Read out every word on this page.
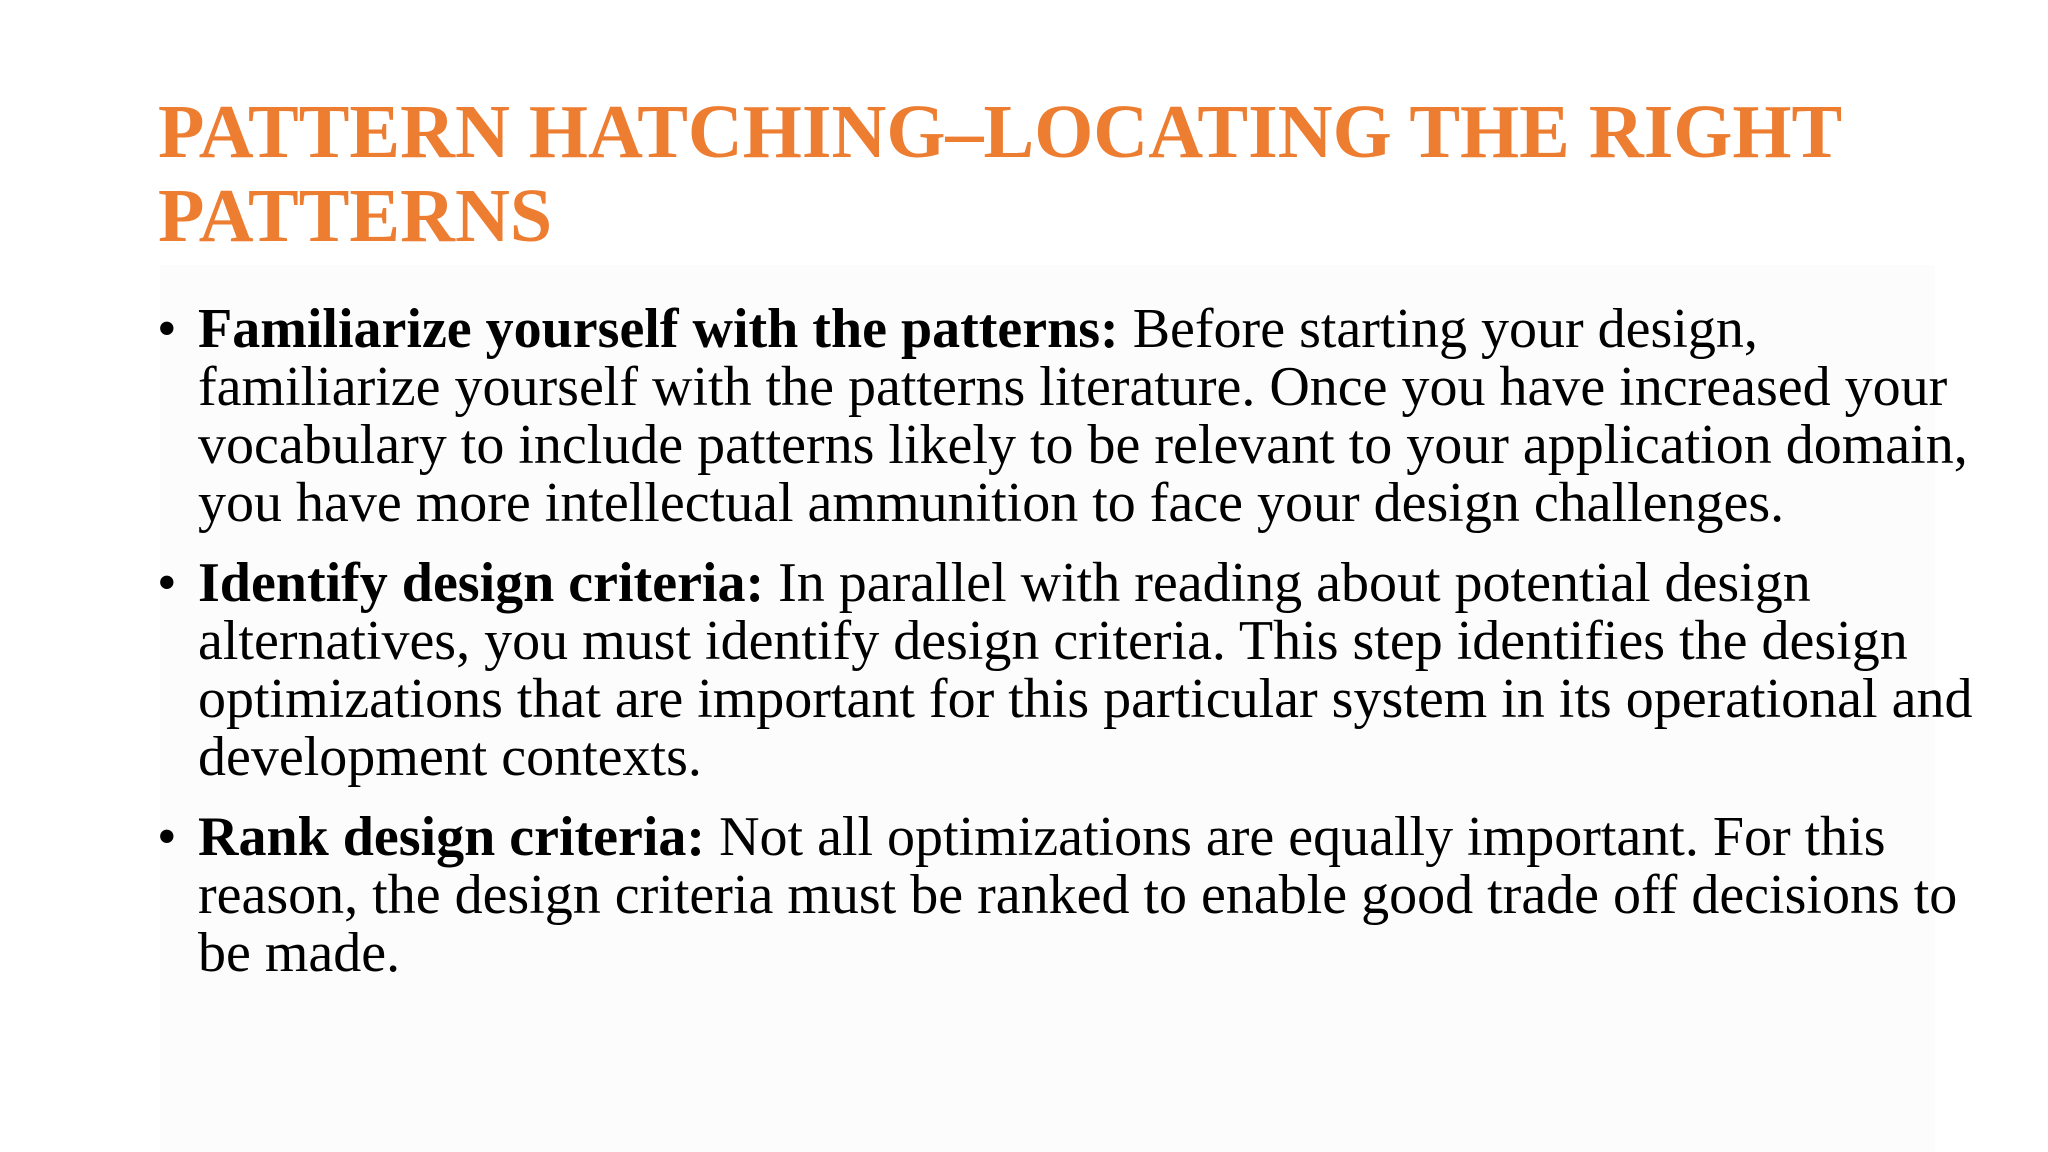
PATTERN HATCHING–LOCATING THE RIGHT PATTERNS
• Familiarize yourself with the patterns: Before starting your design, familiarize yourself with the patterns literature. Once you have increased your vocabulary to include patterns likely to be relevant to your application domain, you have more intellectual ammunition to face your design challenges.
• Identify design criteria: In parallel with reading about potential design alternatives, you must identify design criteria. This step identifies the design optimizations that are important for this particular system in its operational and development contexts.
• Rank design criteria: Not all optimizations are equally important. For this reason, the design criteria must be ranked to enable good trade off decisions to be made.
